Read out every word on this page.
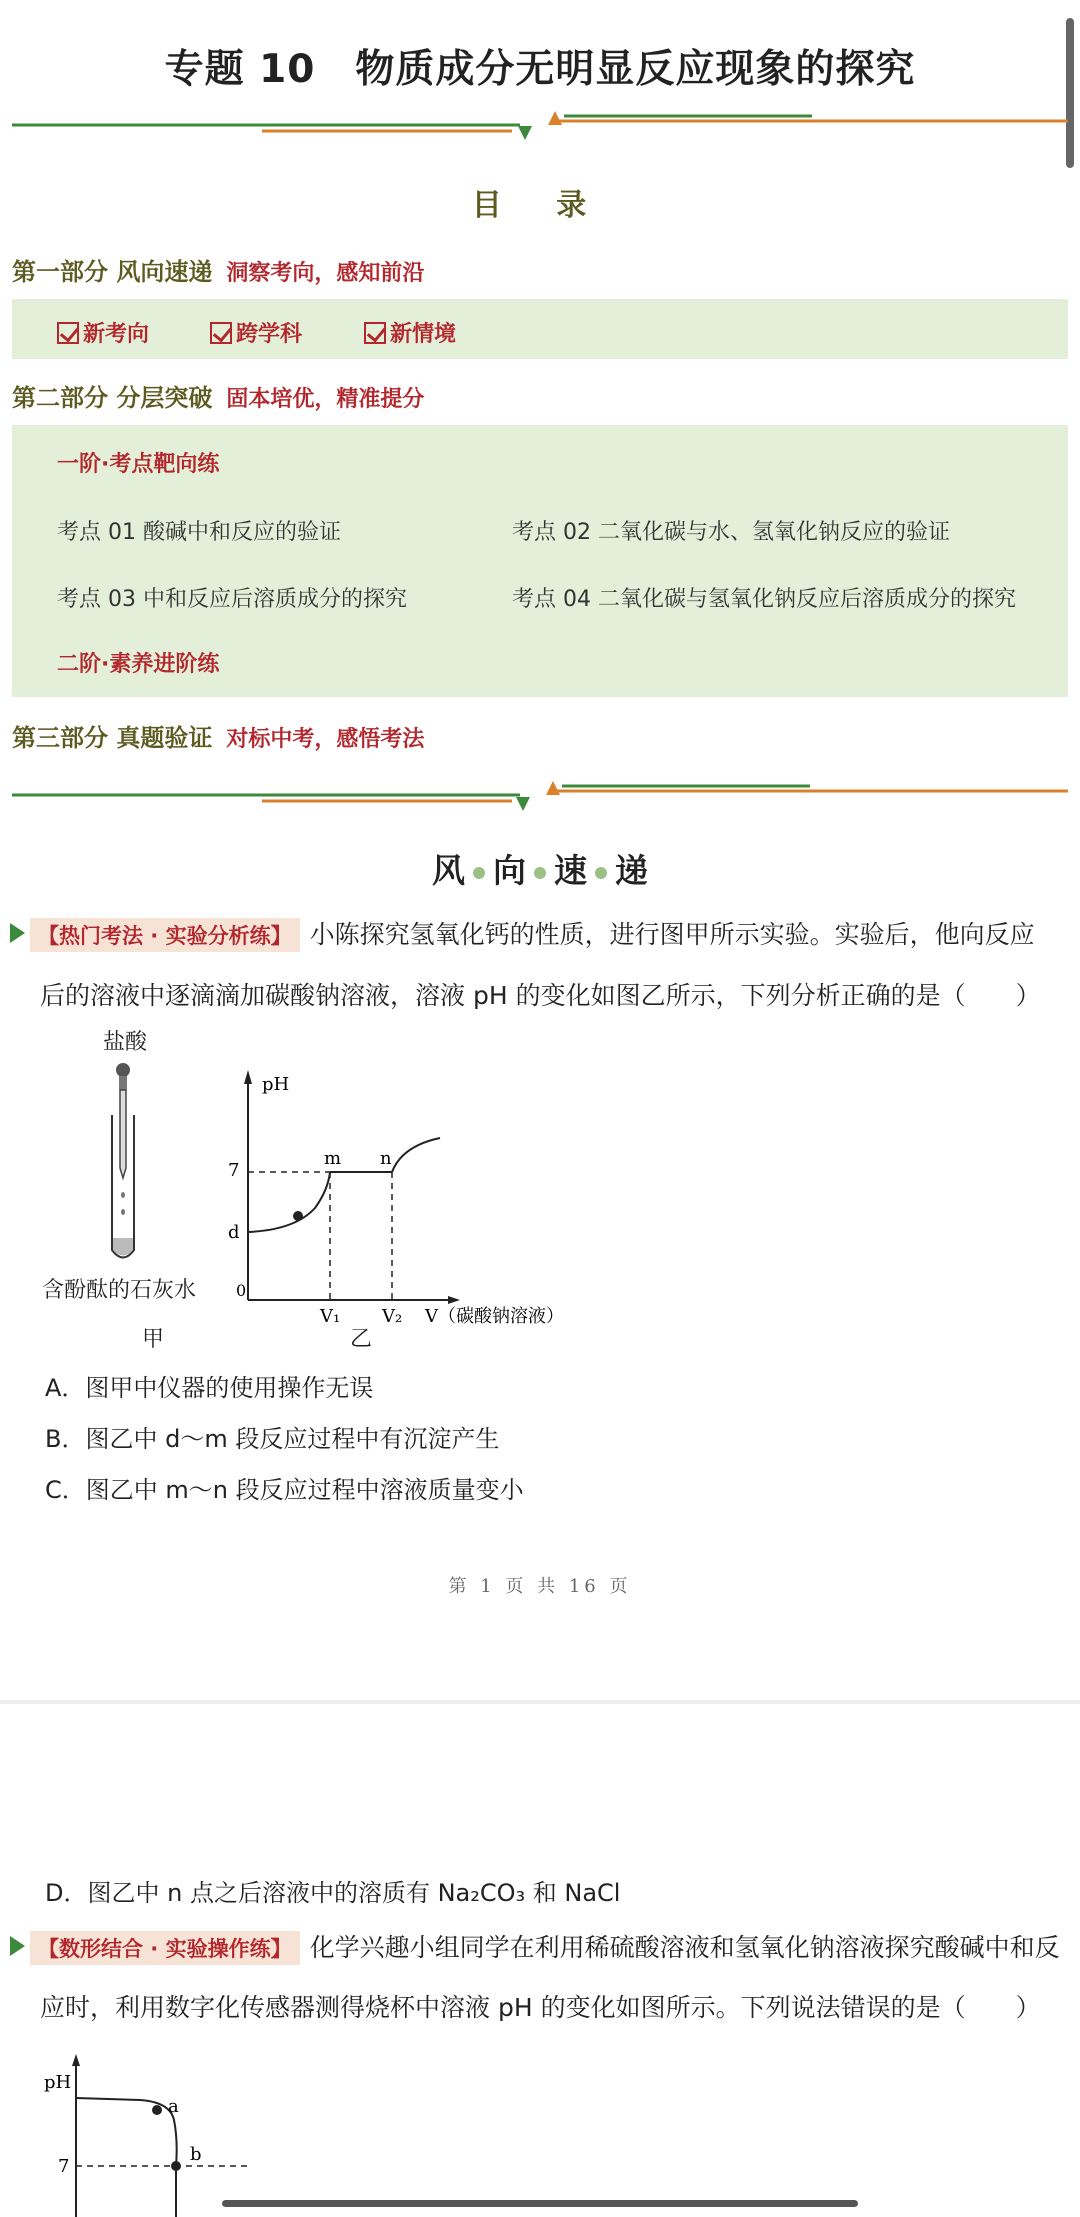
专题 10　物质成分无明显反应现象的探究
目 录
第一部分 风向速递 洞察考向，感知前沿
新考向	跨学科	新情境
第二部分 分层突破 固本培优，精准提分
一阶·考点靶向练
考点 01 酸碱中和反应的验证	考点 02 二氧化碳与水、氢氧化钠反应的验证
考点 03 中和反应后溶质成分的探究	考点 04 二氧化碳与氢氧化钠反应后溶质成分的探究
二阶·素养进阶练
第三部分 真题验证 对标中考，感悟考法
风 向 速 递
【热门考法 · 实验分析练】 小陈探究氢氧化钙的性质，进行图甲所示实验。实验后，他向反应
后的溶液中逐滴滴加碳酸钠溶液，溶液 pH 的变化如图乙所示，下列分析正确的是（　　）
盐酸
含酚酞的石灰水
甲
pH
7
d
0
m n
V₁ V₂ V（碳酸钠溶液）
乙
A．图甲中仪器的使用操作无误
B．图乙中 d～m 段反应过程中有沉淀产生
C．图乙中 m～n 段反应过程中溶液质量变小
第 1 页 共 16 页
D．图乙中 n 点之后溶液中的溶质有 Na₂CO₃ 和 NaCl
【数形结合 · 实验操作练】 化学兴趣小组同学在利用稀硫酸溶液和氢氧化钠溶液探究酸碱中和反
应时，利用数字化传感器测得烧杯中溶液 pH 的变化如图所示。下列说法错误的是（　　）
pH
7
a
b
